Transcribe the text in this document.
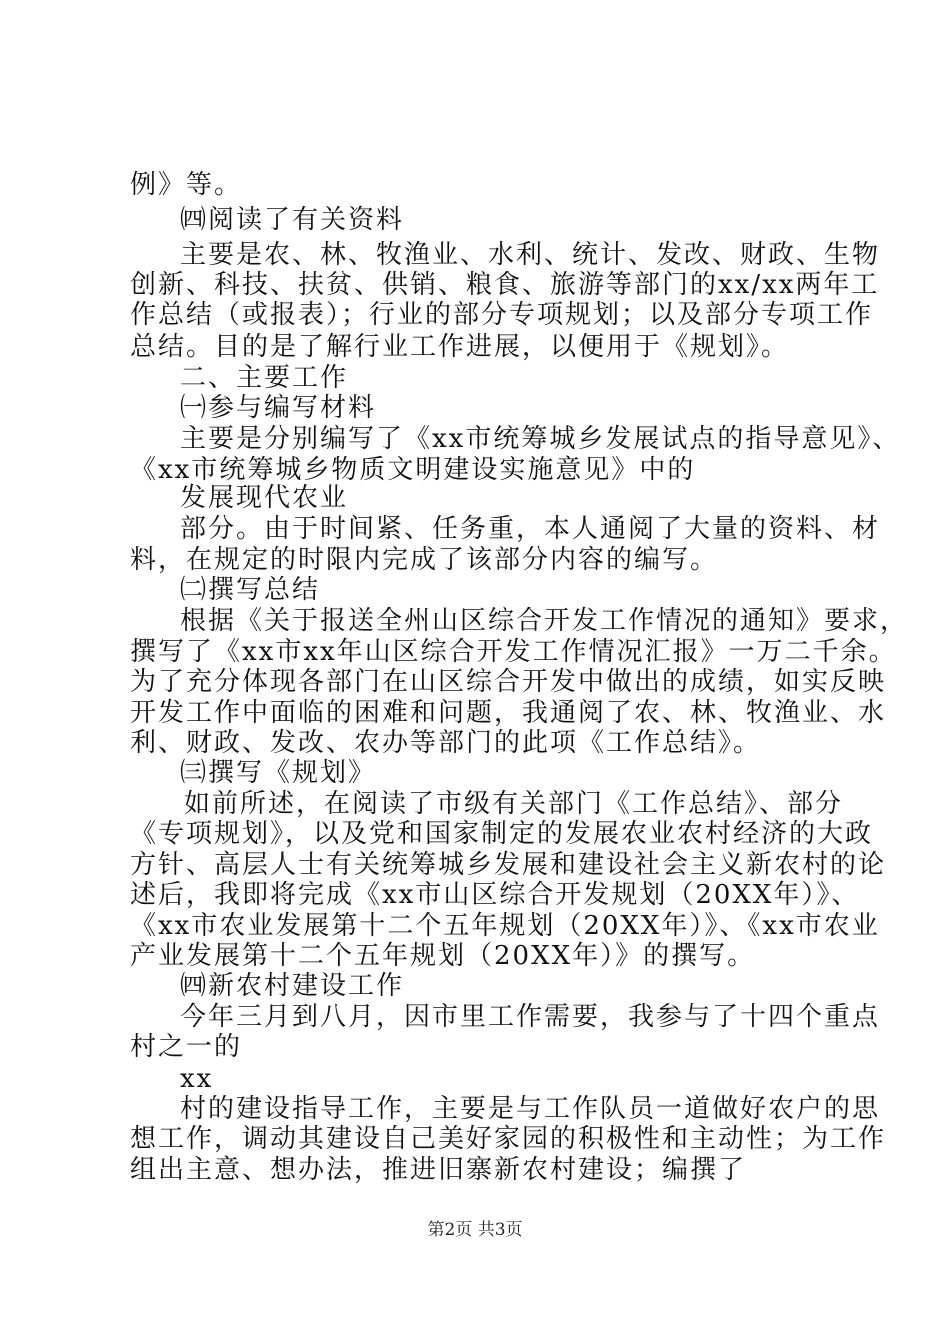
例》等。
㈣阅读了有关资料
主要是农、林、牧渔业、水利、统计、发改、财政、生物
创新、科技、扶贫、供销、粮食、旅游等部门的xx/xx两年工
作总结（或报表）；行业的部分专项规划；以及部分专项工作
总结。目的是了解行业工作进展，以便用于《规划》。
二、主要工作
㈠参与编写材料
主要是分别编写了《xx市统筹城乡发展试点的指导意见》、
《xx市统筹城乡物质文明建设实施意见》中的
发展现代农业
部分。由于时间紧、任务重，本人通阅了大量的资料、材
料，在规定的时限内完成了该部分内容的编写。
㈡撰写总结
根据《关于报送全州山区综合开发工作情况的通知》要求，
撰写了《xx市xx年山区综合开发工作情况汇报》一万二千余。
为了充分体现各部门在山区综合开发中做出的成绩，如实反映
开发工作中面临的困难和问题，我通阅了农、林、牧渔业、水
利、财政、发改、农办等部门的此项《工作总结》。
㈢撰写《规划》
如前所述，在阅读了市级有关部门《工作总结》、部分
《专项规划》，以及党和国家制定的发展农业农村经济的大政
方针、高层人士有关统筹城乡发展和建设社会主义新农村的论
述后，我即将完成《xx市山区综合开发规划（20XX年）》、
《xx市农业发展第十二个五年规划（20XX年）》、《xx市农业
产业发展第十二个五年规划（20XX年）》的撰写。
㈣新农村建设工作
今年三月到八月，因市里工作需要，我参与了十四个重点
村之一的
xx
村的建设指导工作，主要是与工作队员一道做好农户的思
想工作，调动其建设自己美好家园的积极性和主动性；为工作
组出主意、想办法，推进旧寨新农村建设；编撰了
第2页 共3页
